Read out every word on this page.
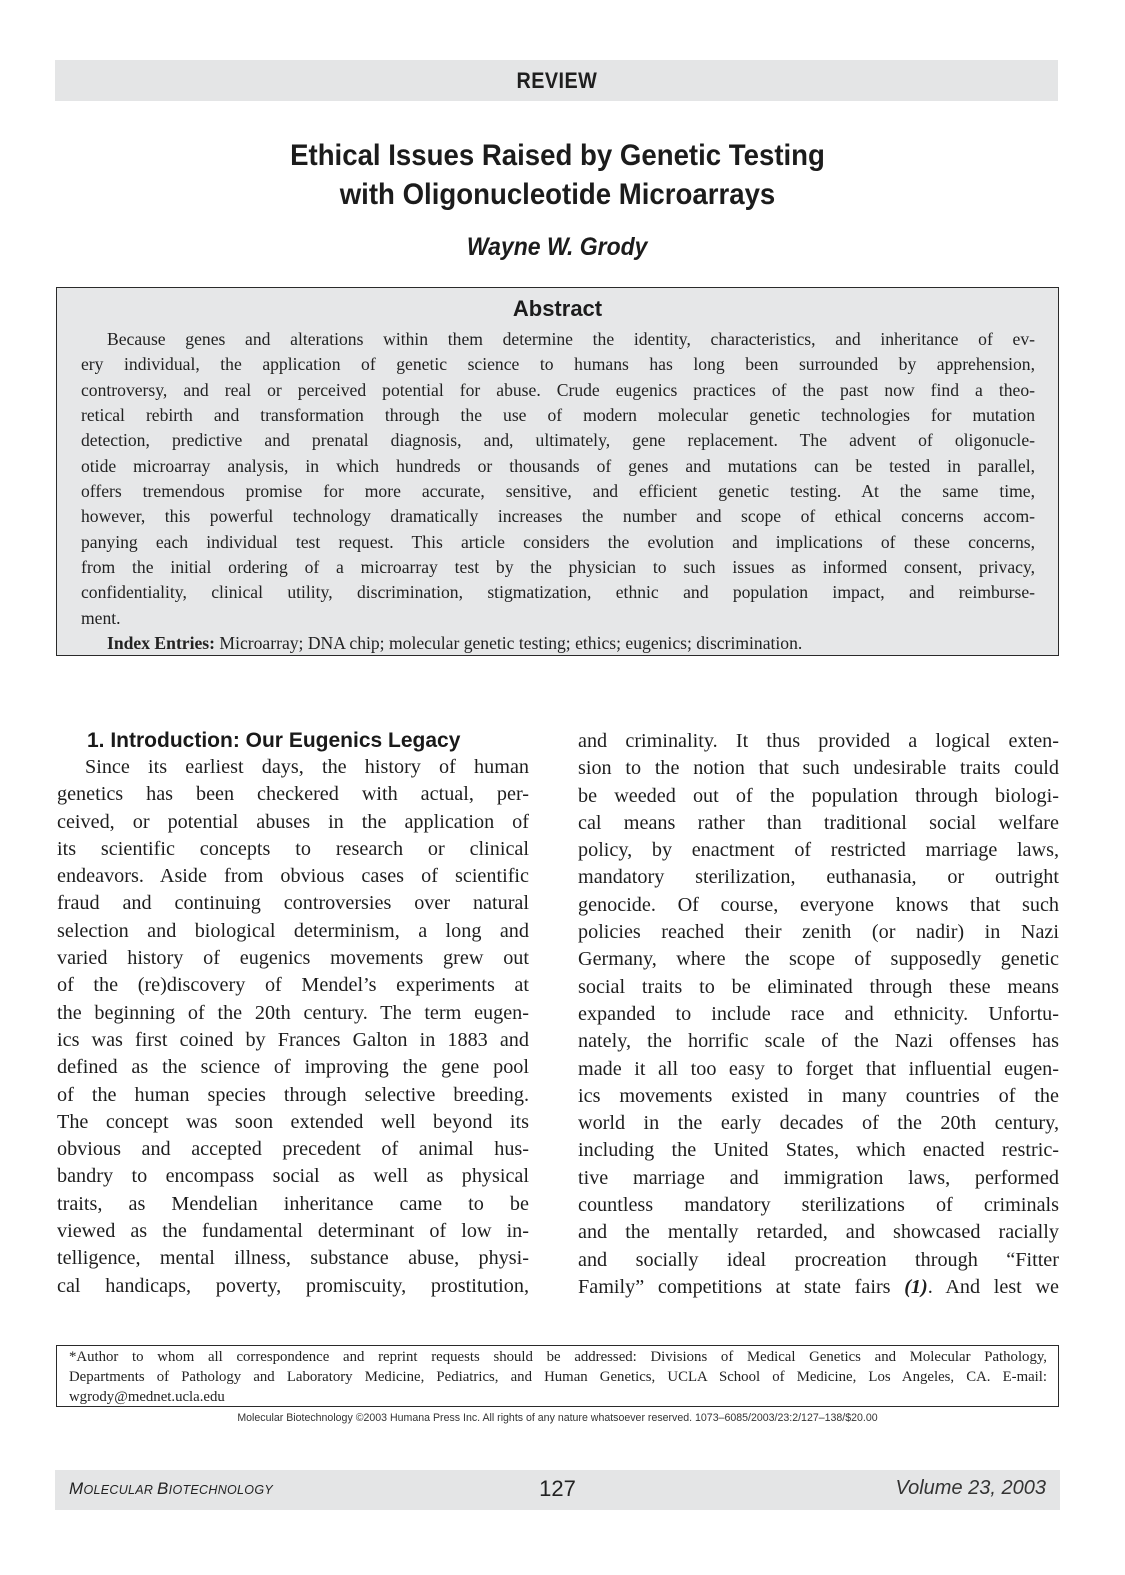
REVIEW
Ethical Issues Raised by Genetic Testing
with Oligonucleotide Microarrays
Wayne W. Grody
Abstract
Because genes and alterations within them determine the identity, characteristics, and inheritance of ev-
ery individual, the application of genetic science to humans has long been surrounded by apprehension,
controversy, and real or perceived potential for abuse. Crude eugenics practices of the past now find a theo-
retical rebirth and transformation through the use of modern molecular genetic technologies for mutation
detection, predictive and prenatal diagnosis, and, ultimately, gene replacement. The advent of oligonucle-
otide microarray analysis, in which hundreds or thousands of genes and mutations can be tested in parallel,
offers tremendous promise for more accurate, sensitive, and efficient genetic testing. At the same time,
however, this powerful technology dramatically increases the number and scope of ethical concerns accom-
panying each individual test request. This article considers the evolution and implications of these concerns,
from the initial ordering of a microarray test by the physician to such issues as informed consent, privacy,
confidentiality, clinical utility, discrimination, stigmatization, ethnic and population impact, and reimburse-
ment.
Index Entries: Microarray; DNA chip; molecular genetic testing; ethics; eugenics; discrimination.
1. Introduction: Our Eugenics Legacy
Since its earliest days, the history of human
genetics has been checkered with actual, per-
ceived, or potential abuses in the application of
its scientific concepts to research or clinical
endeavors. Aside from obvious cases of scientific
fraud and continuing controversies over natural
selection and biological determinism, a long and
varied history of eugenics movements grew out
of the (re)discovery of Mendel’s experiments at
the beginning of the 20th century. The term eugen-
ics was first coined by Frances Galton in 1883 and
defined as the science of improving the gene pool
of the human species through selective breeding.
The concept was soon extended well beyond its
obvious and accepted precedent of animal hus-
bandry to encompass social as well as physical
traits, as Mendelian inheritance came to be
viewed as the fundamental determinant of low in-
telligence, mental illness, substance abuse, physi-
cal handicaps, poverty, promiscuity, prostitution,
and criminality. It thus provided a logical exten-
sion to the notion that such undesirable traits could
be weeded out of the population through biologi-
cal means rather than traditional social welfare
policy, by enactment of restricted marriage laws,
mandatory sterilization, euthanasia, or outright
genocide. Of course, everyone knows that such
policies reached their zenith (or nadir) in Nazi
Germany, where the scope of supposedly genetic
social traits to be eliminated through these means
expanded to include race and ethnicity. Unfortu-
nately, the horrific scale of the Nazi offenses has
made it all too easy to forget that influential eugen-
ics movements existed in many countries of the
world in the early decades of the 20th century,
including the United States, which enacted restric-
tive marriage and immigration laws, performed
countless mandatory sterilizations of criminals
and the mentally retarded, and showcased racially
and socially ideal procreation through “Fitter
Family” competitions at state fairs (1). And lest we
*Author to whom all correspondence and reprint requests should be addressed: Divisions of Medical Genetics and Molecular Pathology,
Departments of Pathology and Laboratory Medicine, Pediatrics, and Human Genetics, UCLA School of Medicine, Los Angeles, CA. E-mail:
wgrody@mednet.ucla.edu
Molecular Biotechnology ©2003 Humana Press Inc. All rights of any nature whatsoever reserved. 1073–6085/2003/23:2/127–138/$20.00
MOLECULAR BIOTECHNOLOGY	127	Volume 23, 2003
